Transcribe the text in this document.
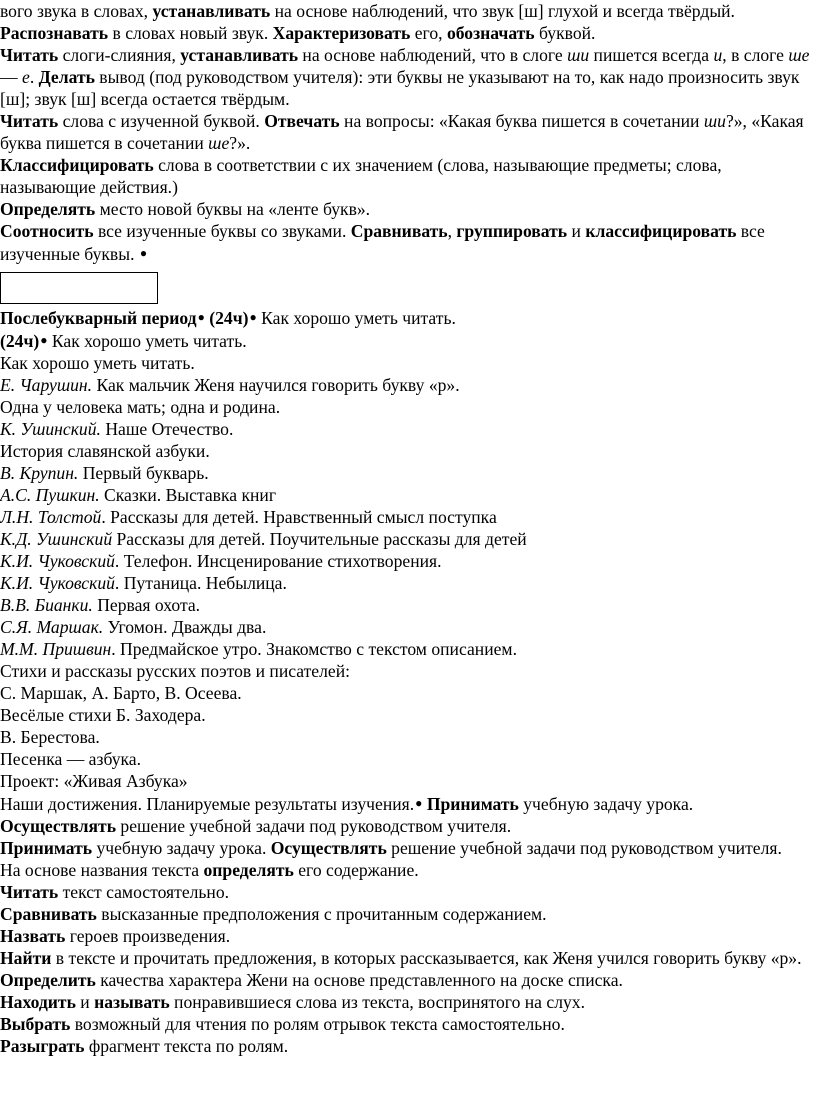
вого звука в словах, устанавливать на основе наблюдений, что звук [ш] глухой и всегда твёрдый.

Распознавать в словах новый звук. Характеризовать его, обозначать буквой.

Читать слоги-слияния, устанавливать на основе наблюдений, что в слоге ши пишется всегда и, в слоге ше — е. Делать вывод (под руководством учителя): эти буквы не указывают на то, как надо произносить звук [ш]; звук [ш] всегда остается твёрдым.

Читать слова с изученной буквой. Отвечать на вопросы: «Какая буква пишется в сочетании ши?», «Какая буква пишется в сочетании ше?».

Классифицировать слова в соответствии с их значением (слова, называющие предметы; слова, называющие действия.)

Определять место новой буквы на «ленте букв».

Соотносить все изученные буквы со звуками. Сравнивать, группировать и классифицировать все изученные буквы. ●

Послебукварный период● (24ч)● Как хорошо уметь читать.

(24ч)● Как хорошо уметь читать.

Как хорошо уметь читать.

Е. Чарушин. Как мальчик Женя научился говорить букву «р».

Одна у человека мать; одна и родина.

К. Ушинский. Наше Отечество.

История славянской азбуки.

В. Крупин. Первый букварь.

А.С. Пушкин. Сказки. Выставка книг

Л.Н. Толстой. Рассказы для детей. Нравственный смысл поступка

К.Д. Ушинский Рассказы для детей. Поучительные рассказы для детей

К.И. Чуковский. Телефон. Инсценирование стихотворения.

К.И. Чуковский. Путаница. Небылица.

В.В. Бианки. Первая охота.

С.Я. Маршак. Угомон. Дважды два.

М.М. Пришвин. Предмайское утро. Знакомство с текстом описанием.

Стихи и рассказы русских поэтов и писателей:

С. Маршак, А. Барто, В. Осеева.

Весёлые стихи Б. Заходера.

В. Берестова.

Песенка — азбука.

Проект: «Живая Азбука»

Наши достижения. Планируемые результаты изучения.● Принимать учебную задачу урока.

Осуществлять решение учебной задачи под руководством учителя.

Принимать учебную задачу урока. Осуществлять решение учебной задачи под руководством учителя.

На основе названия текста определять его содержание.

Читать текст самостоятельно.

Сравнивать высказанные предположения с прочитанным содержанием.

Назвать героев произведения.

Найти в тексте и прочитать предложения, в которых рассказывается, как Женя учился говорить букву «р».

Определить качества характера Жени на основе представленного на доске списка.

Находить и называть понравившиеся слова из текста, воспринятого на слух.

Выбрать возможный для чтения по ролям отрывок текста самостоятельно.

Разыграть фрагмент текста по ролям.
